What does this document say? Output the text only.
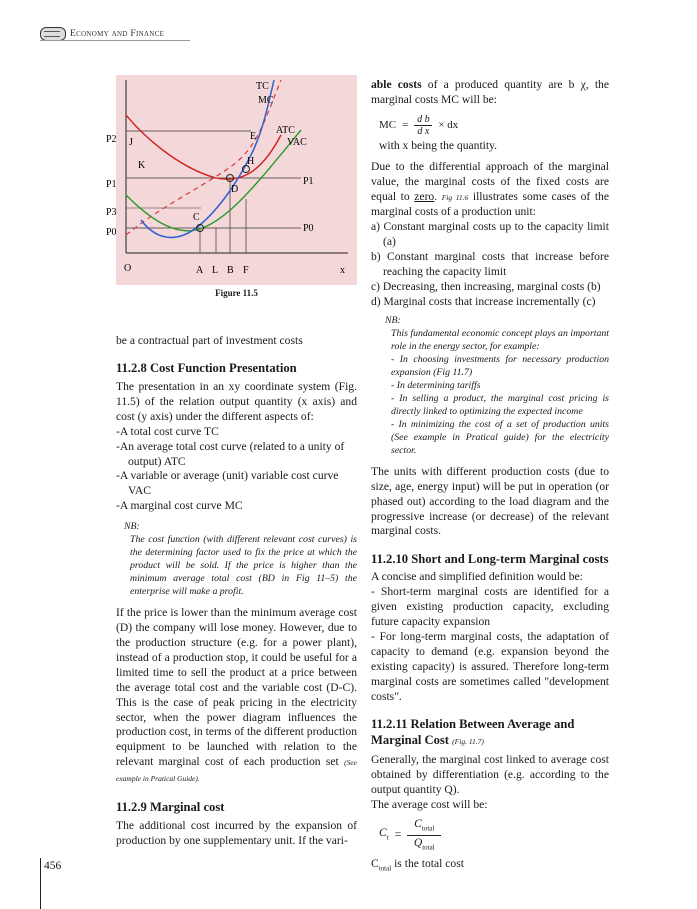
Economy and Finance
TC
MC
ATC
VAC
P2 J
K
P1
P3
P0
P1
P0
E
H
D
C
O	A L B F	x
Figure 11.5

be a contractual part of investment costs

11.2.8 Cost Function Presentation

The presentation in an xy coordinate system (Fig. 11.5) of the relation output quantity (x axis) and cost (y axis) under the different aspects of:

-A total cost curve TC

-An average total cost curve (related to a unity of output) ATC

-A variable or average (unit) variable cost curve VAC

-A marginal cost curve MC

NB:
The cost function (with different relevant cost curves) is the determining factor used to fix the price at which the product will be sold. If the price is higher than the minimum average total cost (BD in Fig 11–5) the enterprise will make a profit.

If the price is lower than the minimum average cost (D) the company will lose money. However, due to the production structure (e.g. for a power plant), instead of a production stop, it could be useful for a limited time to sell the product at a price between the average total cost and the variable cost (D-C). This is the case of peak pricing in the electricity sector, when the power diagram influences the production cost, in terms of the different production equipment to be launched with relation to the relevant marginal cost of each production set (See example in Pratical Guide).

11.2.9 Marginal cost

The additional cost incurred by the expansion of production by one supplementary unit. If the vari-

able costs of a produced quantity are b χ, the marginal costs MC will be:

MC = d b
d x
× dx

with x being the quantity.

Due to the differential approach of the marginal value, the marginal costs of the fixed costs are equal to zero. Fig 11.6 illustrates some cases of the marginal costs of a production unit:

a) Constant marginal costs up to the capacity limit (a)

b) Constant marginal costs that increase before reaching the capacity limit

c) Decreasing, then increasing, marginal costs (b)

d) Marginal costs that increase incrementally (c)

NB:
This fundamental economic concept plays an important role in the energy sector, for example:
- In choosing investments for necessary production expansion (Fig 11.7)
- In determining tariffs
- In selling a product, the marginal cost pricing is directly linked to optimizing the expected income
- In minimizing the cost of a set of production units (See example in Pratical guide) for the electricity sector.

The units with different production costs (due to size, age, energy input) will be put in operation (or phased out) according to the load diagram and the progressive increase (or decrease) of the relevant marginal costs.

11.2.10 Short and Long-term Marginal costs

A concise and simplified definition would be:

- Short-term marginal costs are identified for a given existing production capacity, excluding future capacity expansion

- For long-term marginal costs, the adaptation of capacity to demand (e.g. expansion beyond the existing capacity) is assured. Therefore long-term marginal costs are sometimes called "development costs".

11.2.11 Relation Between Average and
Marginal Cost (Fig. 11.7)

Generally, the marginal cost linked to average cost obtained by differentiation (e.g. according to the output quantity Q).

The average cost will be:

$C_t$ =
$C_{total}$
$Q_{total}$

$C_{total}$ is the total cost

456
